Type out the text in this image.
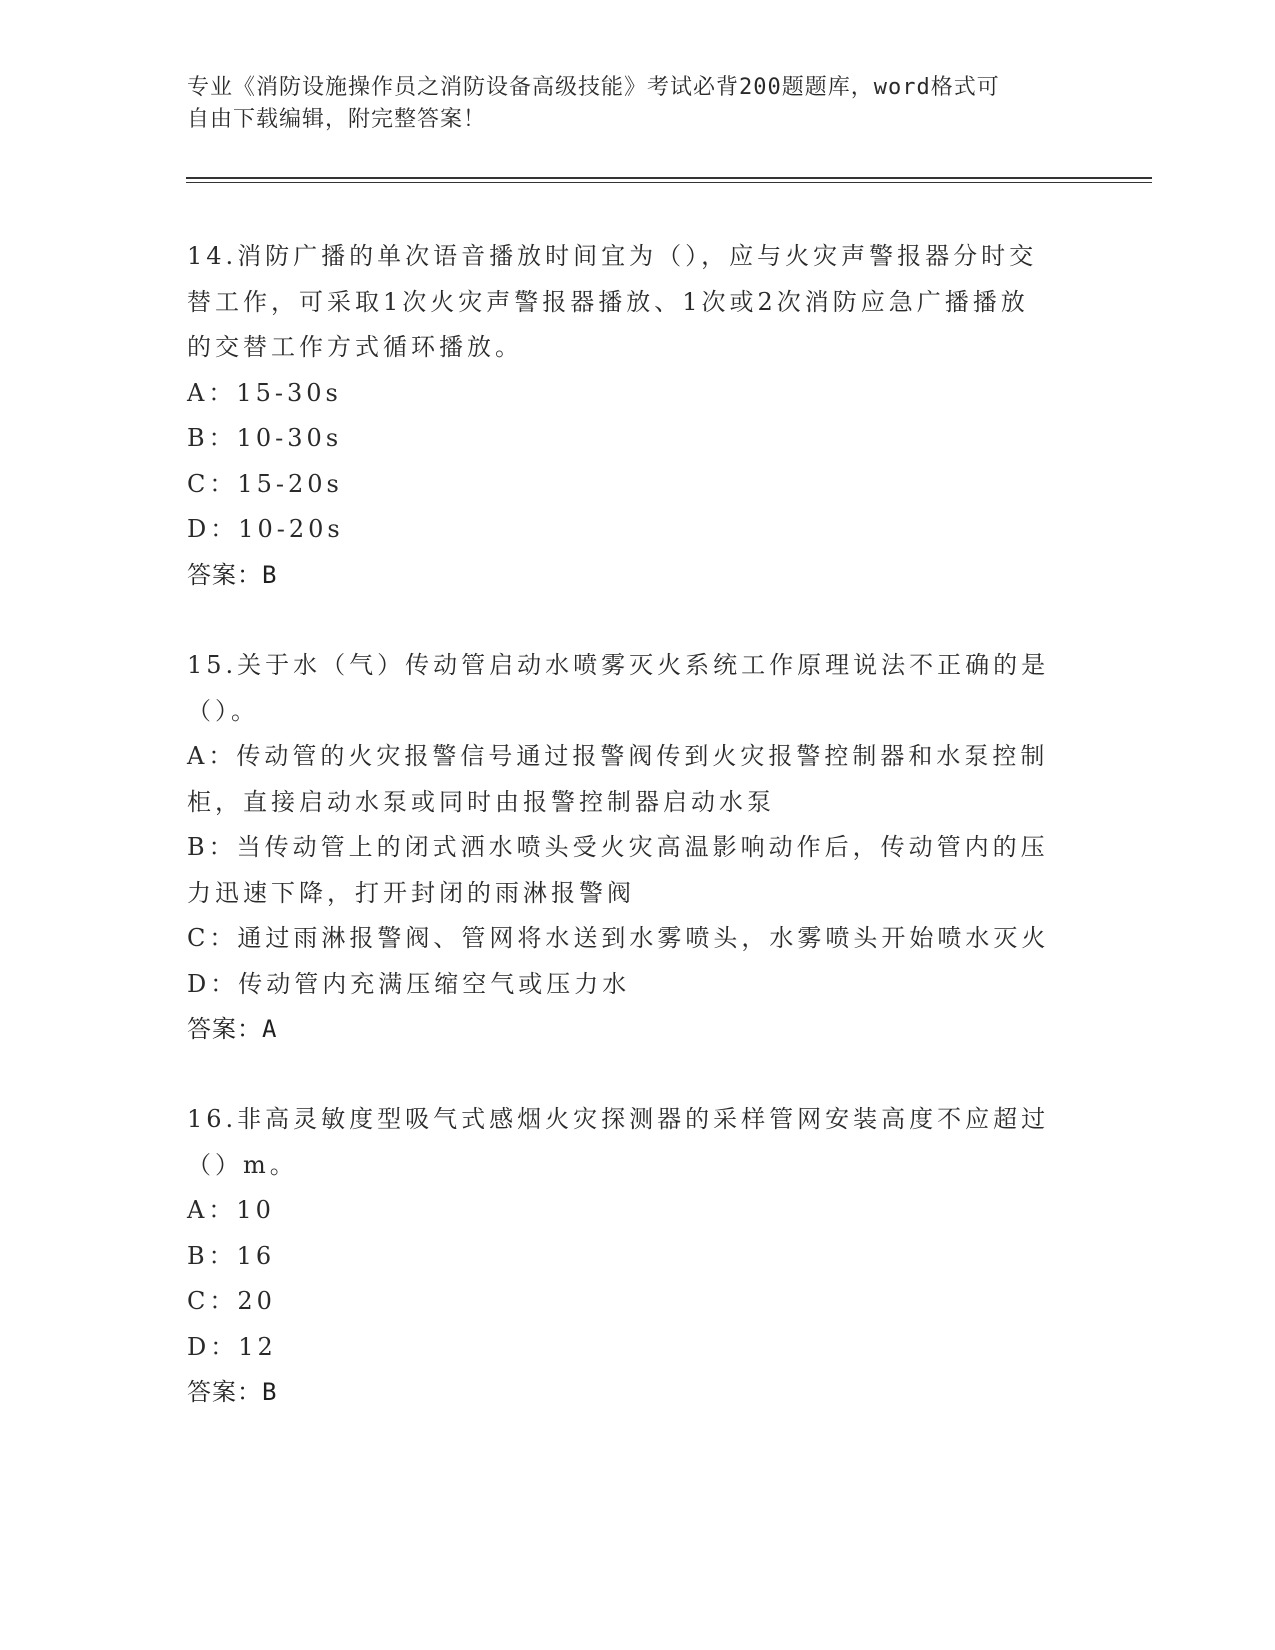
专业《消防设施操作员之消防设备高级技能》考试必背200题题库，word格式可
自由下载编辑，附完整答案！
14.消防广播的单次语音播放时间宜为（），应与火灾声警报器分时交
替工作，可采取1次火灾声警报器播放、1次或2次消防应急广播播放
的交替工作方式循环播放。
A：15-30s
B：10-30s
C：15-20s
D：10-20s
答案：B
15.关于水（气）传动管启动水喷雾灭火系统工作原理说法不正确的是
（）。
A：传动管的火灾报警信号通过报警阀传到火灾报警控制器和水泵控制
柜，直接启动水泵或同时由报警控制器启动水泵
B：当传动管上的闭式洒水喷头受火灾高温影响动作后，传动管内的压
力迅速下降，打开封闭的雨淋报警阀
C：通过雨淋报警阀、管网将水送到水雾喷头，水雾喷头开始喷水灭火
D：传动管内充满压缩空气或压力水
答案：A
16.非高灵敏度型吸气式感烟火灾探测器的采样管网安装高度不应超过
（）m。
A：10
B：16
C：20
D：12
答案：B
